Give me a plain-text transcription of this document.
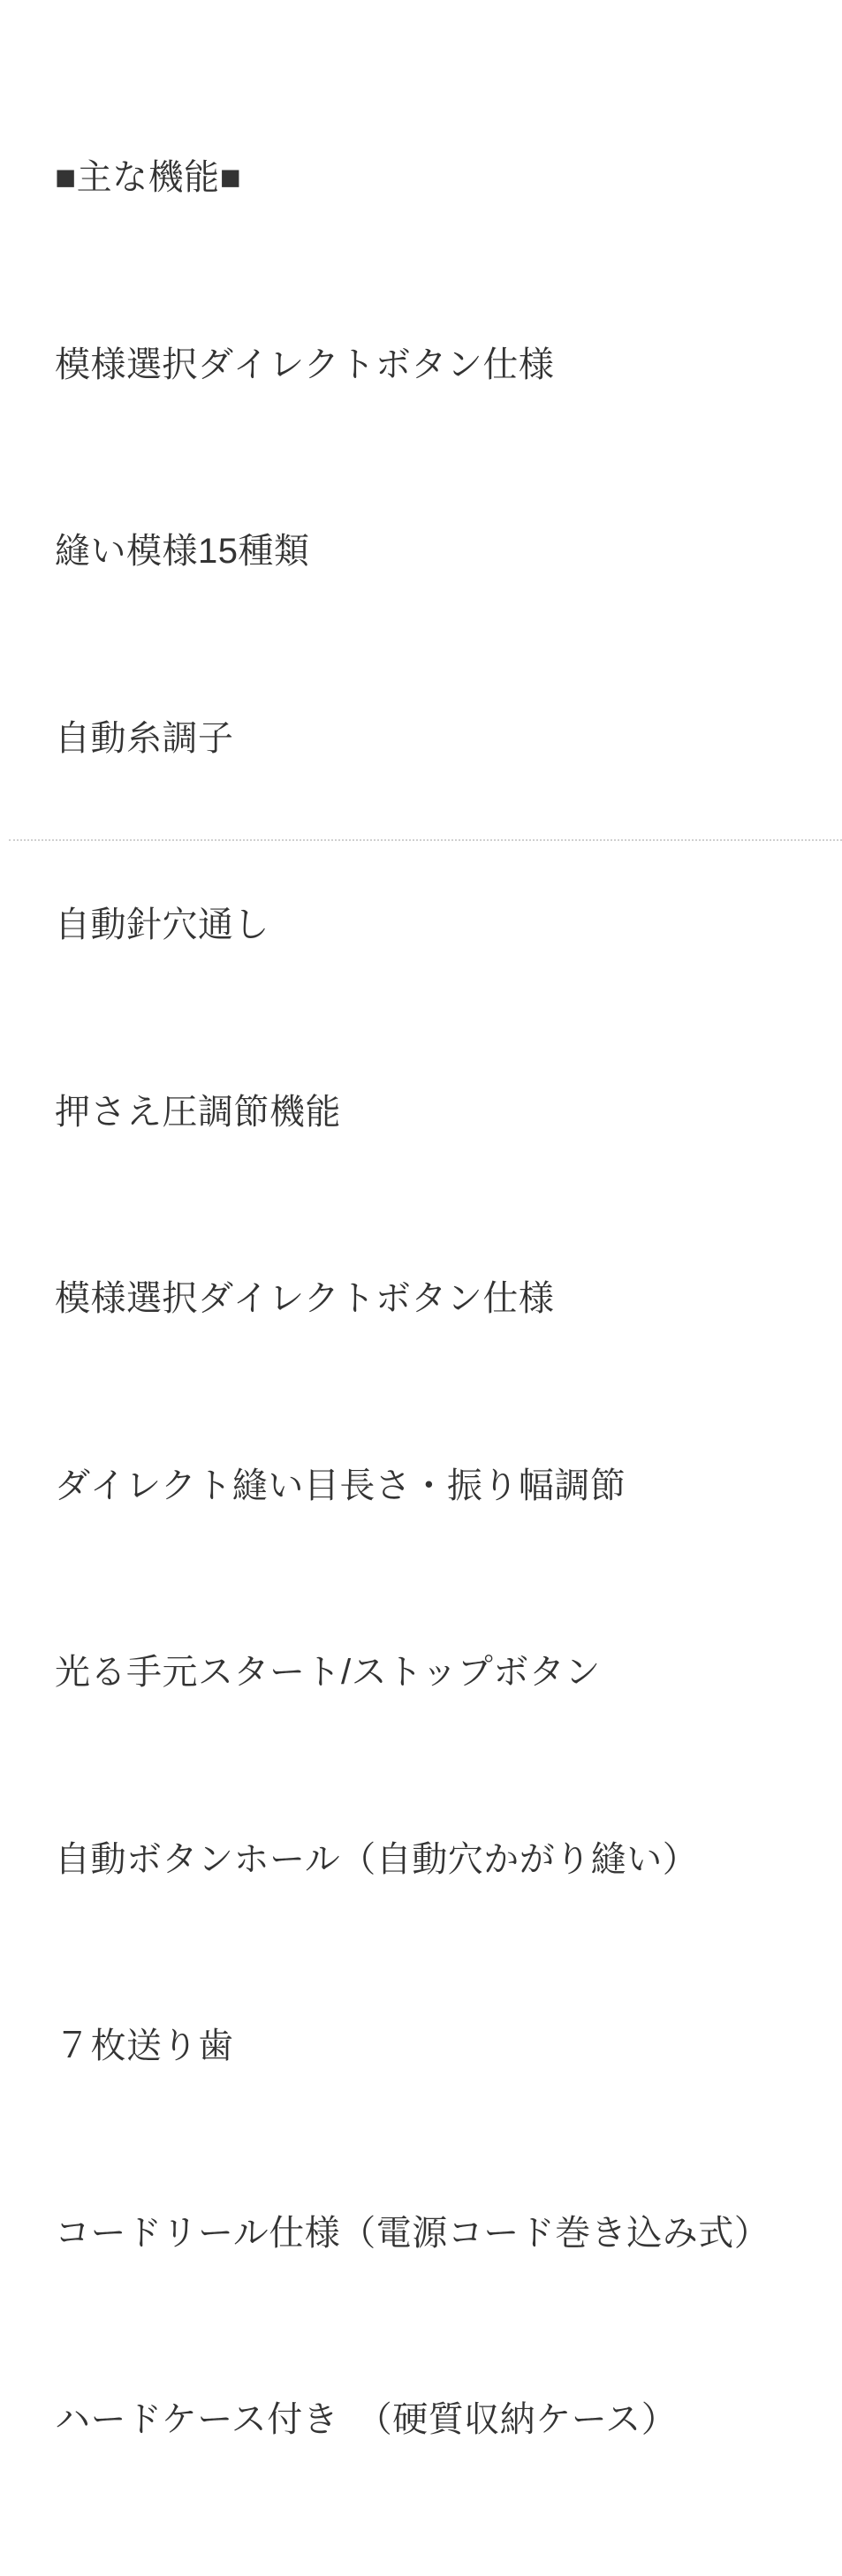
■主な機能■

模様選択ダイレクトボタン仕様

縫い模様15種類

自動糸調子

自動針穴通し

押さえ圧調節機能

模様選択ダイレクトボタン仕様

ダイレクト縫い目長さ・振り幅調節

光る手元スタート/ストップボタン

自動ボタンホール（自動穴かがり縫い）

７枚送り歯

コードリール仕様（電源コード巻き込み式）

ハードケース付き　（硬質収納ケース）
